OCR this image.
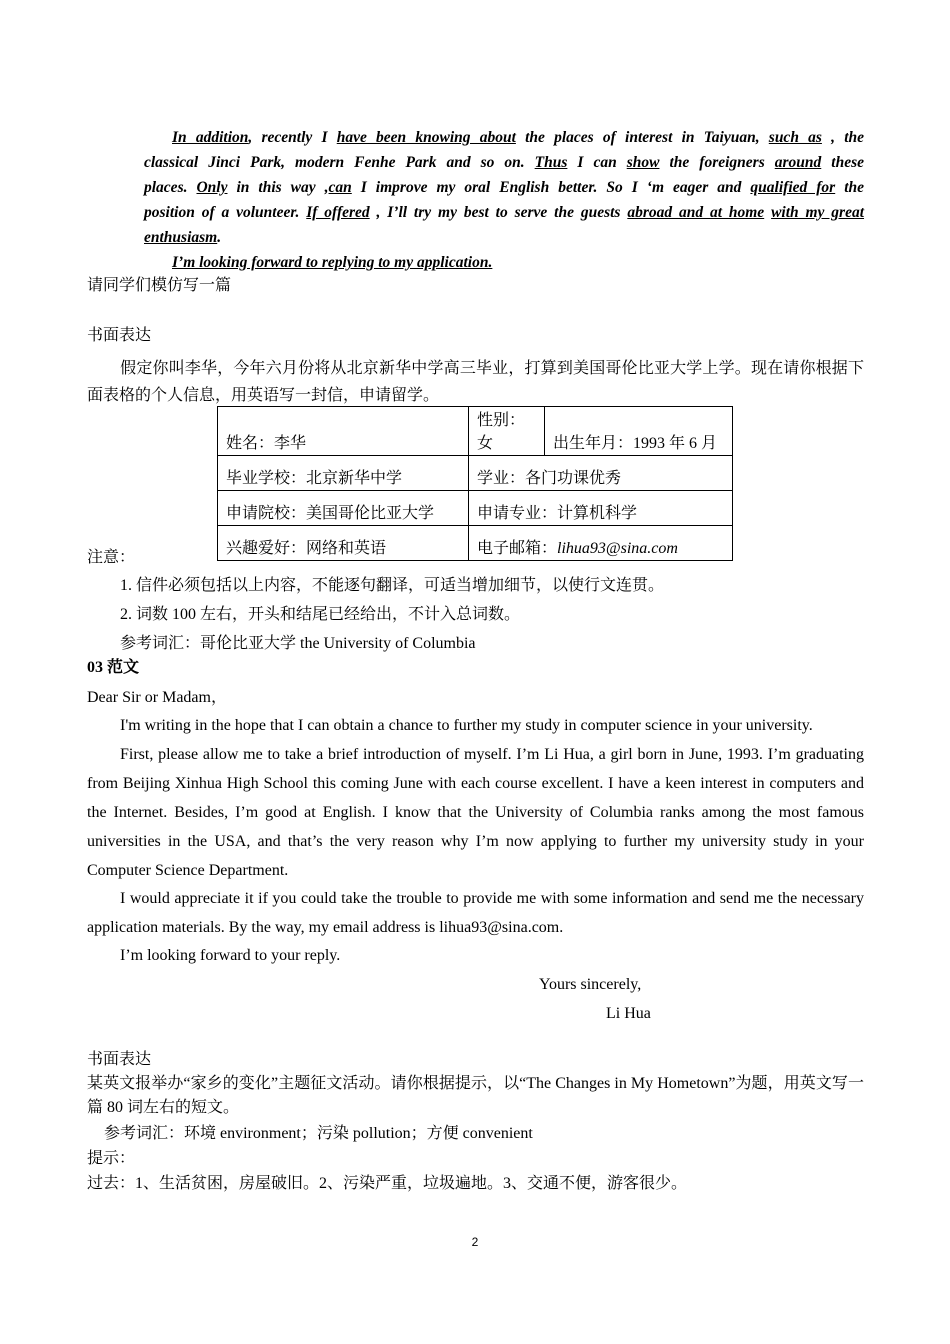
In addition, recently I have been knowing about the places of interest in Taiyuan, such as , the
classical Jinci Park, modern Fenhe Park and so on. Thus I can show the foreigners around these
places. Only in this way ,can I improve my oral English better. So I ‘m eager and qualified for the
position of a volunteer. If offered , I’ll try my best to serve the guests abroad and at home with my great
enthusiasm.
I’m looking forward to replying to my application.
请同学们模仿写一篇
书面表达
假定你叫李华，今年六月份将从北京新华中学高三毕业，打算到美国哥伦比亚大学上学。现在请你根据下面表格的个人信息，用英语写一封信，申请留学。
姓名：李华	性别：女	出生年月：1993 年 6 月
毕业学校：北京新华中学	学业：各门功课优秀	
申请院校：美国哥伦比亚大学	申请专业：计算机科学	
兴趣爱好：网络和英语	电子邮箱：lihua93@sina.com	
注意：
1. 信件必须包括以上内容，不能逐句翻译，可适当增加细节，以使行文连贯。
2. 词数 100 左右，开头和结尾已经给出，不计入总词数。
参考词汇：哥伦比亚大学 the University of Columbia
03 范文
Dear Sir or Madam，
I'm writing in the hope that I can obtain a chance to further my study in computer science in your university.
First, please allow me to take a brief introduction of myself. I’m Li Hua, a girl born in June, 1993. I’m graduating from Beijing Xinhua High School this coming June with each course excellent. I have a keen interest in computers and the Internet. Besides, I’m good at English. I know that the University of Columbia ranks among the most famous universities in the USA, and that’s the very reason why I’m now applying to further my university study in your Computer Science Department.
I would appreciate it if you could take the trouble to provide me with some information and send me the necessary application materials. By the way, my email address is lihua93@sina.com.
I’m looking forward to your reply.
Yours sincerely,
Li Hua
书面表达
某英文报举办“家乡的变化”主题征文活动。请你根据提示，以“The Changes in My Hometown”为题，用英文写一篇 80 词左右的短文。
参考词汇：环境 environment；污染 pollution；方便 convenient
提示：
过去：1、生活贫困，房屋破旧。2、污染严重，垃圾遍地。3、交通不便，游客很少。
2
